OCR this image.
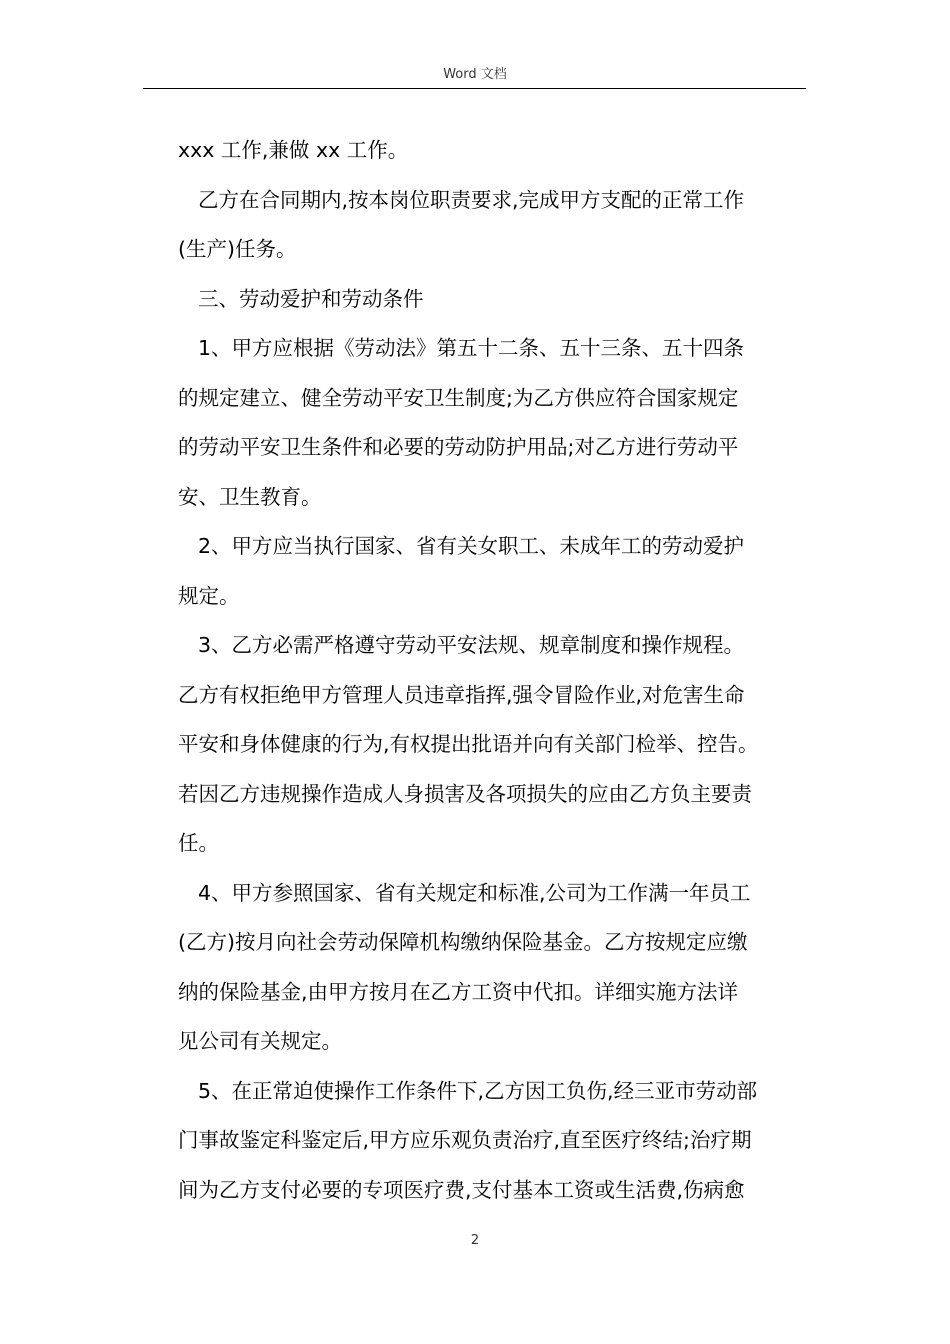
Word 文档

xxx 工作,兼做 xx 工作。

乙方在合同期内,按本岗位职责要求,完成甲方支配的正常工作

(生产)任务。

三、劳动爱护和劳动条件

1、甲方应根据《劳动法》第五十二条、五十三条、五十四条

的规定建立、健全劳动平安卫生制度;为乙方供应符合国家规定

的劳动平安卫生条件和必要的劳动防护用品;对乙方进行劳动平

安、卫生教育。

2、甲方应当执行国家、省有关女职工、未成年工的劳动爱护

规定。

3、乙方必需严格遵守劳动平安法规、规章制度和操作规程。

乙方有权拒绝甲方管理人员违章指挥,强令冒险作业,对危害生命

平安和身体健康的行为,有权提出批语并向有关部门检举、控告。

若因乙方违规操作造成人身损害及各项损失的应由乙方负主要责

任。

4、甲方参照国家、省有关规定和标准,公司为工作满一年员工

(乙方)按月向社会劳动保障机构缴纳保险基金。乙方按规定应缴

纳的保险基金,由甲方按月在乙方工资中代扣。详细实施方法详

见公司有关规定。

5、在正常迫使操作工作条件下,乙方因工负伤,经三亚市劳动部

门事故鉴定科鉴定后,甲方应乐观负责治疗,直至医疗终结;治疗期

间为乙方支付必要的专项医疗费,支付基本工资或生活费,伤病愈

2
